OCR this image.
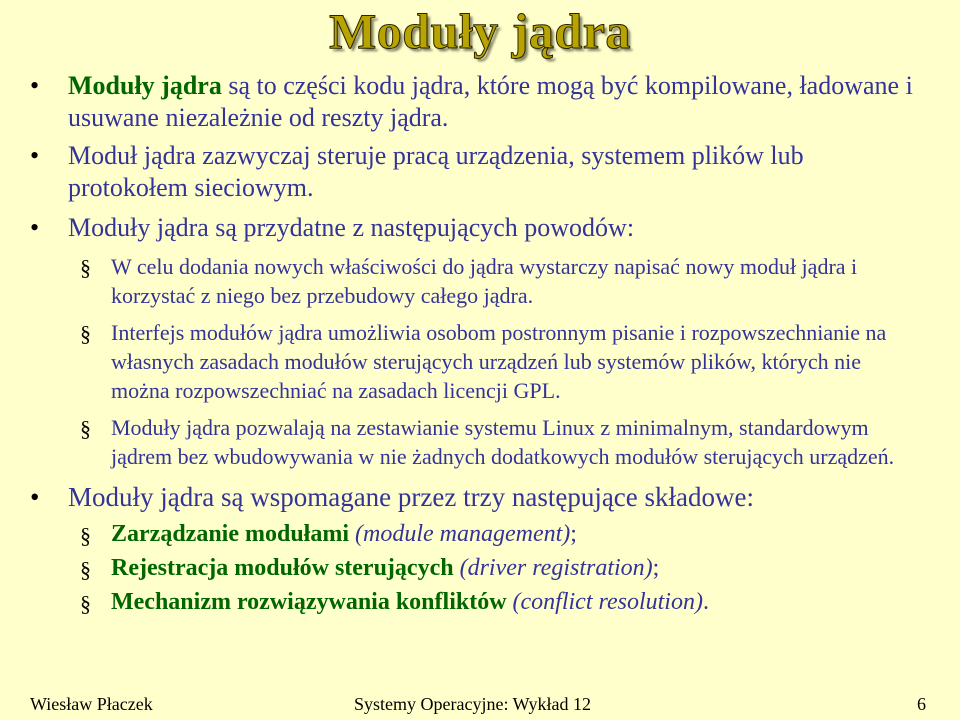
Moduły jądra
• Moduły jądra są to części kodu jądra, które mogą być kompilowane, ładowane i usuwane niezależnie od reszty jądra.
• Moduł jądra zazwyczaj steruje pracą urządzenia, systemem plików lub protokołem sieciowym.
• Moduły jądra są przydatne z następujących powodów:
§ W celu dodania nowych właściwości do jądra wystarczy napisać nowy moduł jądra i korzystać z niego bez przebudowy całego jądra.
§ Interfejs modułów jądra umożliwia osobom postronnym pisanie i rozpowszechnianie na własnych zasadach modułów sterujących urządzeń lub systemów plików, których nie można rozpowszechniać na zasadach licencji GPL.
§ Moduły jądra pozwalają na zestawianie systemu Linux z minimalnym, standardowym jądrem bez wbudowywania w nie żadnych dodatkowych modułów sterujących urządzeń.
• Moduły jądra są wspomagane przez trzy następujące składowe:
§ Zarządzanie modułami (module management);
§ Rejestracja modułów sterujących (driver registration);
§ Mechanizm rozwiązywania konfliktów (conflict resolution).
Wiesław Płaczek	Systemy Operacyjne: Wykład 12	6
